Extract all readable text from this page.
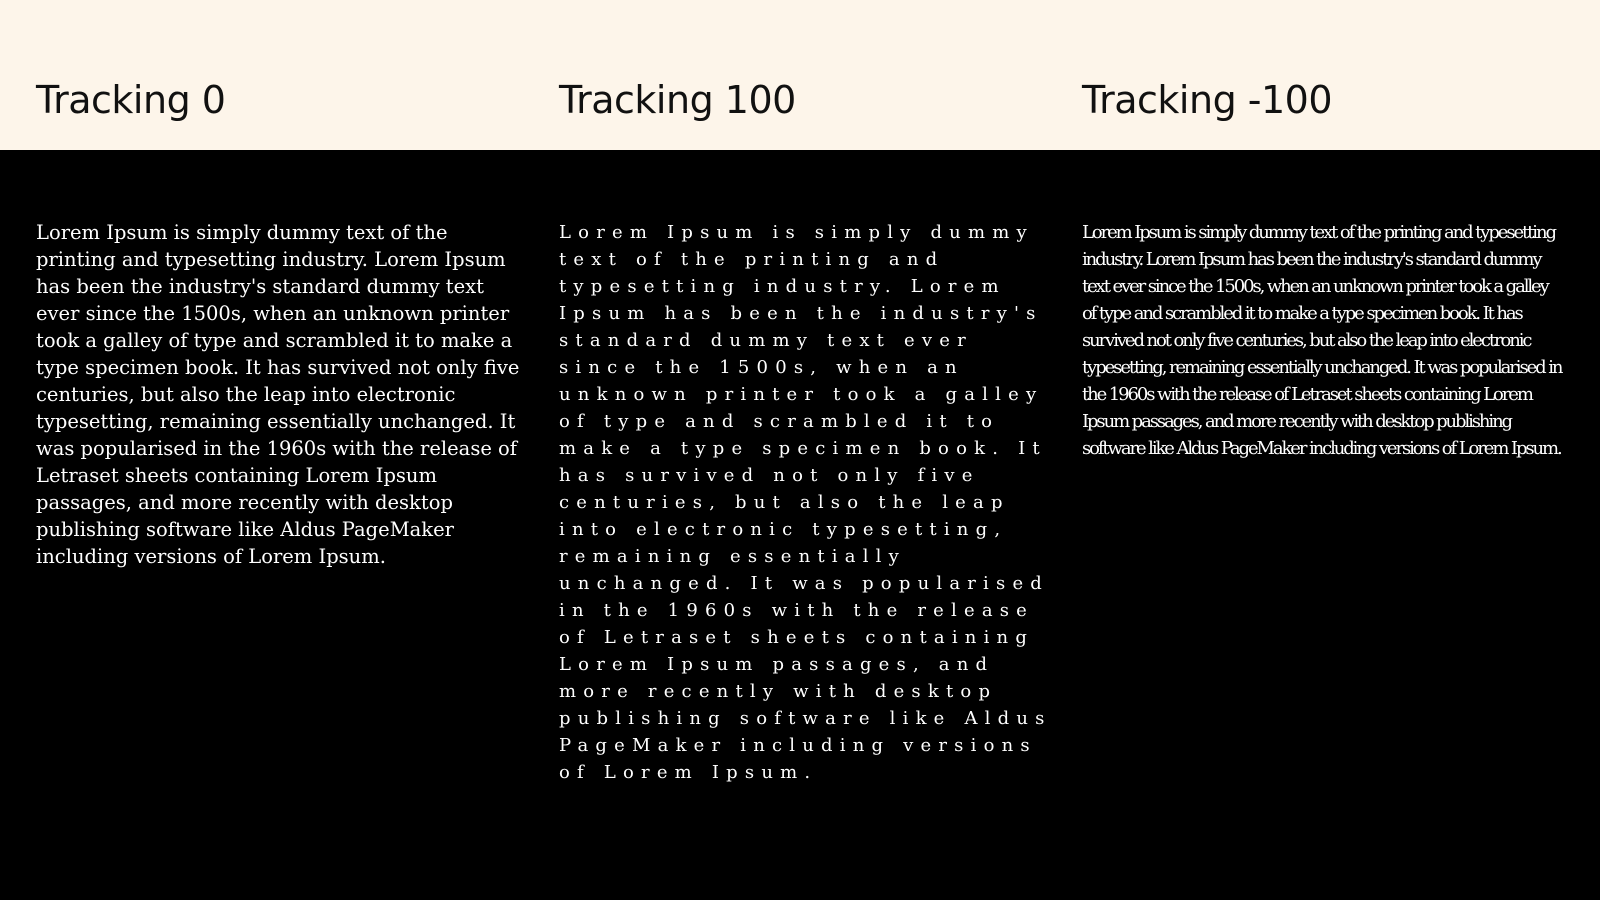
Tracking 0	Tracking 100	Tracking -100

Lorem Ipsum is simply dummy text of the printing and typesetting industry. Lorem Ipsum has been the industry's standard dummy text ever since the 1500s, when an unknown printer took a galley of type and scrambled it to make a type specimen book. It has survived not only five centuries, but also the leap into electronic typesetting, remaining essentially unchanged. It was popularised in the 1960s with the release of Letraset sheets containing Lorem Ipsum passages, and more recently with desktop publishing software like Aldus PageMaker including versions of Lorem Ipsum.

Lorem Ipsum is simply dummy text of the printing and typesetting industry. Lorem Ipsum has been the industry's standard dummy text ever since the 1500s, when an unknown printer took a galley of type and scrambled it to make a type specimen book. It has survived not only five centuries, but also the leap into electronic typesetting, remaining essentially unchanged. It was popularised in the 1960s with the release of Letraset sheets containing Lorem Ipsum passages, and more recently with desktop publishing software like Aldus PageMaker including versions of Lorem Ipsum.

Lorem Ipsum is simply dummy text of the printing and typesetting industry. Lorem Ipsum has been the industry's standard dummy text ever since the 1500s, when an unknown printer took a galley of type and scrambled it to make a type specimen book. It has survived not only five centuries, but also the leap into electronic typesetting, remaining essentially unchanged. It was popularised in the 1960s with the release of Letraset sheets containing Lorem Ipsum passages, and more recently with desktop publishing software like Aldus PageMaker including versions of Lorem Ipsum.
